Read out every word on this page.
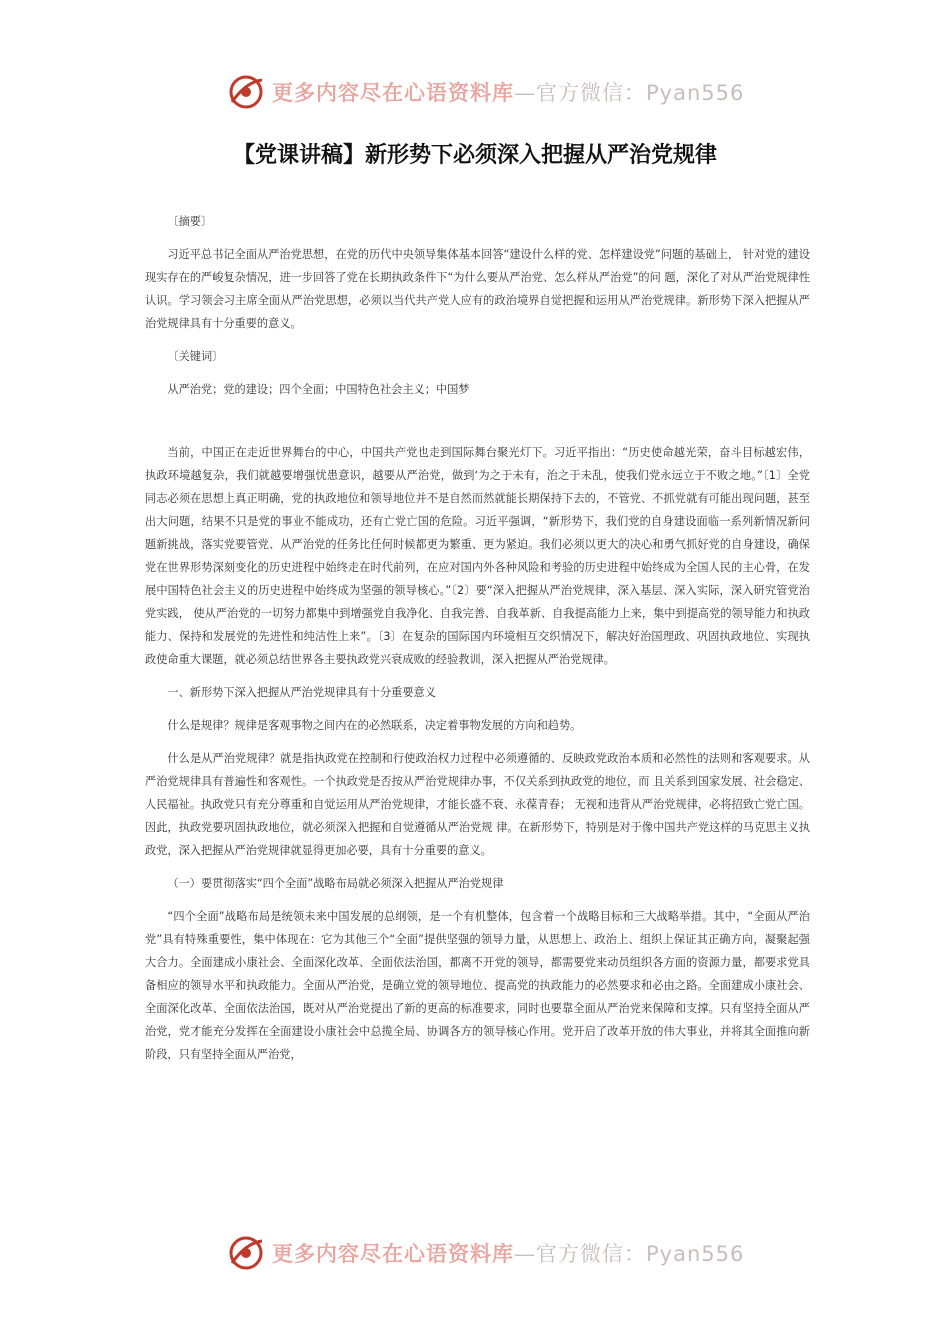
更多内容尽在心语资料库—官方微信：Pyan556
【党课讲稿】新形势下必须深入把握从严治党规律

〔摘要〕

习近平总书记全面从严治党思想，在党的历代中央领导集体基本回答“建设什么样的党、怎样建设党”问题的基础上， 针对党的建设现实存在的严峻复杂情况，进一步回答了党在长期执政条件下“为什么要从严治党、怎么样从严治党”的问 题，深化了对从严治党规律性认识。学习领会习主席全面从严治党思想，必须以当代共产党人应有的政治境界自觉把握和运用从严治党规律。新形势下深入把握从严治党规律具有十分重要的意义。

〔关键词〕

从严治党；党的建设；四个全面；中国特色社会主义；中国梦

当前，中国正在走近世界舞台的中心，中国共产党也走到国际舞台聚光灯下。习近平指出：“历史使命越光荣，奋斗目标越宏伟，执政环境越复杂，我们就越要增强忧患意识，越要从严治党，做到‘为之于未有，治之于未乱，使我们党永远立于不败之地。”〔1〕全党同志必须在思想上真正明确，党的执政地位和领导地位并不是自然而然就能长期保持下去的，不管党、不抓党就有可能出现问题，甚至出大问题，结果不只是党的事业不能成功，还有亡党亡国的危险。习近平强调，“新形势下，我们党的自身建设面临一系列新情况新问题新挑战，落实党要管党、从严治党的任务比任何时候都更为繁重、更为紧迫。我们必须以更大的决心和勇气抓好党的自身建设，确保党在世界形势深刻变化的历史进程中始终走在时代前列，在应对国内外各种风险和考验的历史进程中始终成为全国人民的主心骨，在发展中国特色社会主义的历史进程中始终成为坚强的领导核心。”〔2〕要“深入把握从严治党规律，深入基层、深入实际，深入研究管党治党实践， 使从严治党的一切努力都集中到增强党自我净化、自我完善、自我革新、自我提高能力上来，集中到提高党的领导能力和执政能力、保持和发展党的先进性和纯洁性上来”。〔3〕在复杂的国际国内环境相互交织情况下，解决好治国理政、巩固执政地位、实现执政使命重大课题，就必须总结世界各主要执政党兴衰成败的经验教训，深入把握从严治党规律。

一、新形势下深入把握从严治党规律具有十分重要意义

什么是规律？规律是客观事物之间内在的必然联系，决定着事物发展的方向和趋势。

什么是从严治党规律？就是指执政党在控制和行使政治权力过程中必须遵循的、反映政党政治本质和必然性的法则和客观要求。从严治党规律具有普遍性和客观性。一个执政党是否按从严治党规律办事，不仅关系到执政党的地位，而 且关系到国家发展、社会稳定、人民福祉。执政党只有充分尊重和自觉运用从严治党规律，才能长盛不衰、永葆青春； 无视和违背从严治党规律，必将招致亡党亡国。因此，执政党要巩固执政地位，就必须深入把握和自觉遵循从严治党规 律。在新形势下，特别是对于像中国共产党这样的马克思主义执政党，深入把握从严治党规律就显得更加必要，具有十分重要的意义。

（一）要贯彻落实“四个全面”战略布局就必须深入把握从严治党规律

“四个全面”战略布局是统领未来中国发展的总纲领，是一个有机整体，包含着一个战略目标和三大战略举措。其中，“全面从严治党”具有特殊重要性，集中体现在：它为其他三个“全面”提供坚强的领导力量，从思想上、政治上、组织上保证其正确方向，凝聚起强大合力。全面建成小康社会、全面深化改革、全面依法治国，都离不开党的领导，都需要党来动员组织各方面的资源力量，都要求党具备相应的领导水平和执政能力。全面从严治党，是确立党的领导地位、提高党的执政能力的必然要求和必由之路。全面建成小康社会、全面深化改革、全面依法治国，既对从严治党提出了新的更高的标准要求，同时也要靠全面从严治党来保障和支撑。只有坚持全面从严治党，党才能充分发挥在全面建设小康社会中总揽全局、协调各方的领导核心作用。党开启了改革开放的伟大事业，并将其全面推向新阶段，只有坚持全面从严治党，

更多内容尽在心语资料库—官方微信：Pyan556
